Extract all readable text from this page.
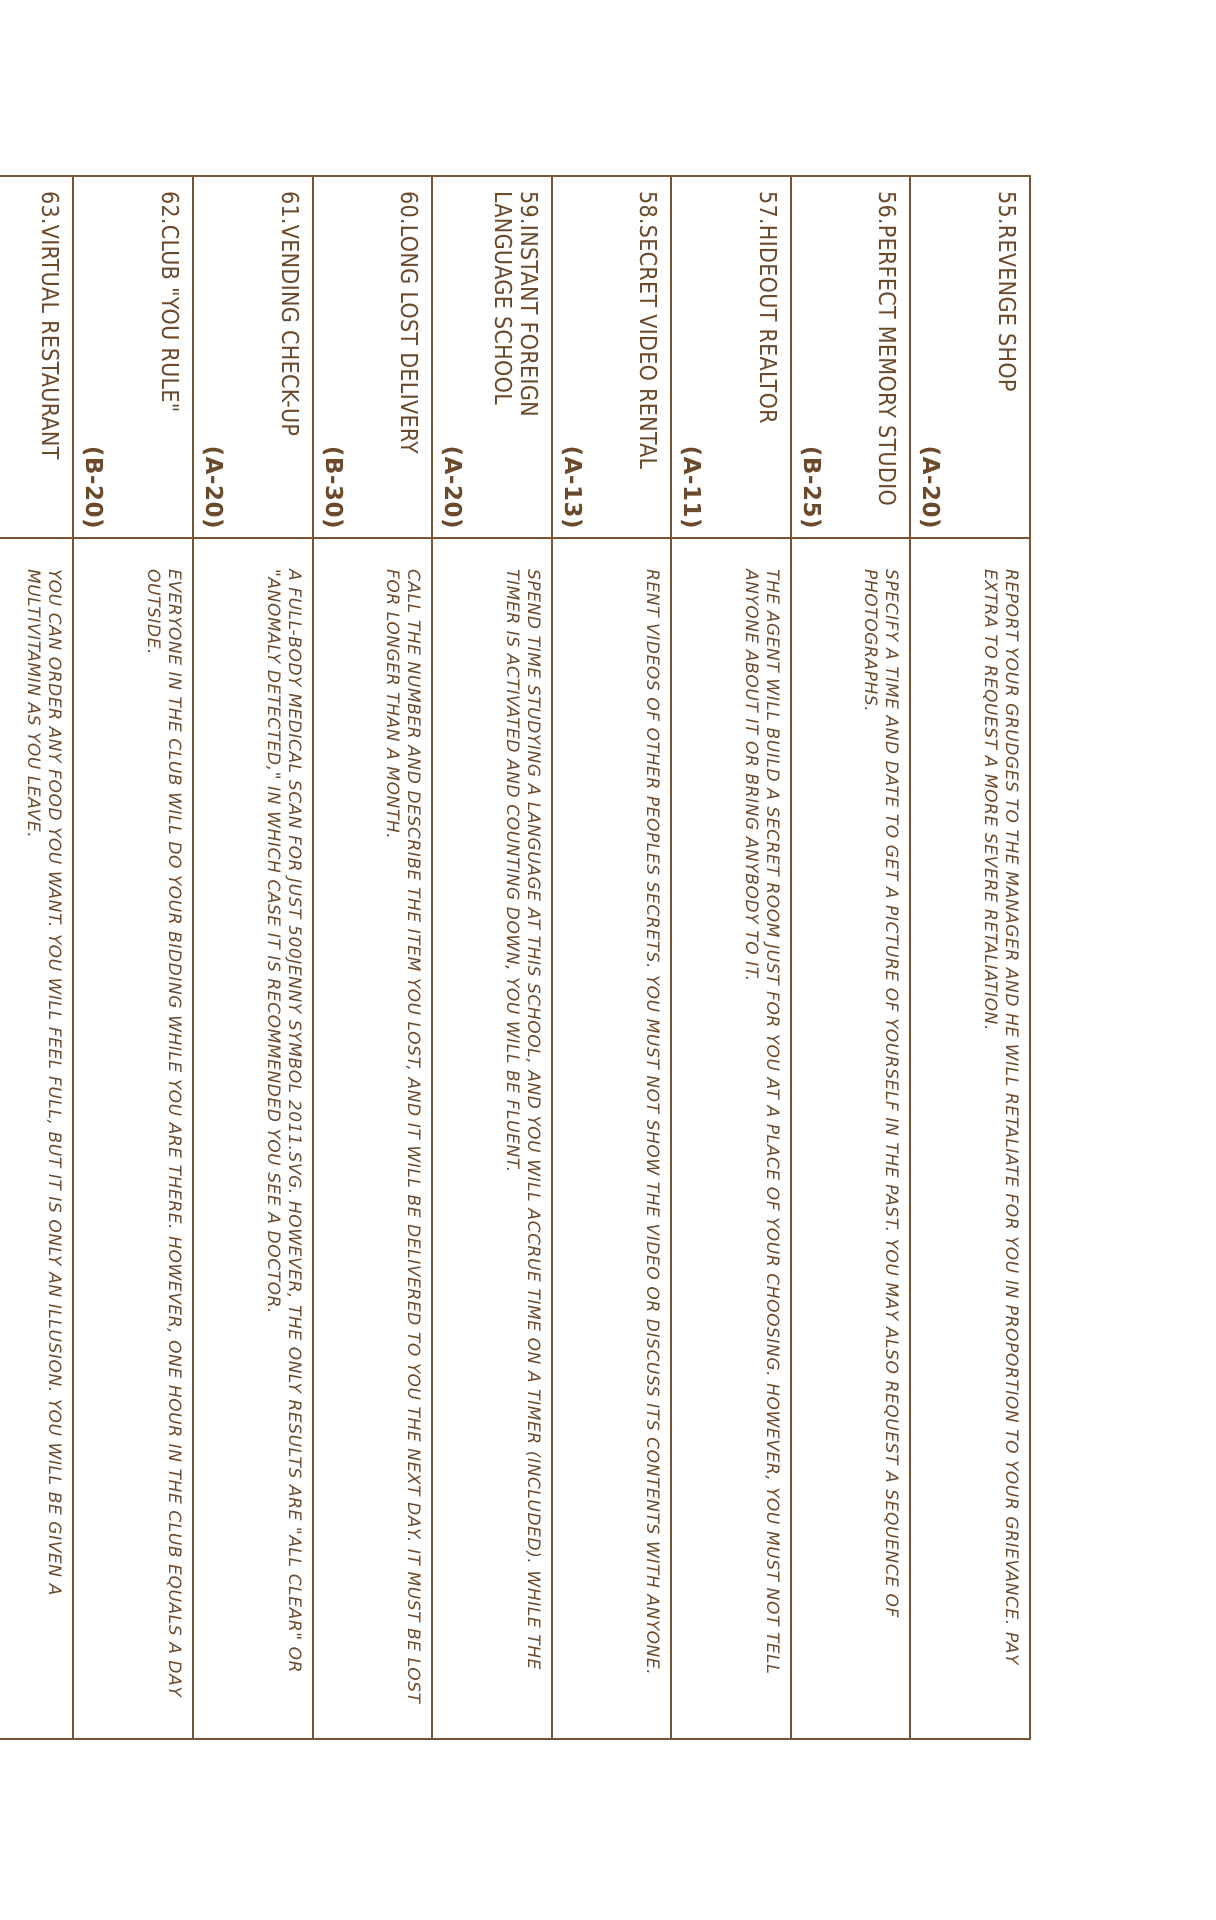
55.REVENGE SHOP
(A-20)
REPORT YOUR GRUDGES TO THE MANAGER AND HE WILL RETALIATE FOR YOU IN PROPORTION TO YOUR GRIEVANCE. PAY EXTRA TO REQUEST A MORE SEVERE RETALIATION.
56.PERFECT MEMORY STUDIO
(B-25)
SPECIFY A TIME AND DATE TO GET A PICTURE OF YOURSELF IN THE PAST. YOU MAY ALSO REQUEST A SEQUENCE OF PHOTOGRAPHS.
57.HIDEOUT REALTOR
(A-11)
THE AGENT WILL BUILD A SECRET ROOM JUST FOR YOU AT A PLACE OF YOUR CHOOSING. HOWEVER, YOU MUST NOT TELL ANYONE ABOUT IT OR BRING ANYBODY TO IT.
58.SECRET VIDEO RENTAL
(A-13)
RENT VIDEOS OF OTHER PEOPLES SECRETS. YOU MUST NOT SHOW THE VIDEO OR DISCUSS ITS CONTENTS WITH ANYONE.
59.INSTANT FOREIGN LANGUAGE SCHOOL
(A-20)
SPEND TIME STUDYING A LANGUAGE AT THIS SCHOOL, AND YOU WILL ACCRUE TIME ON A TIMER (INCLUDED). WHILE THE TIMER IS ACTIVATED AND COUNTING DOWN, YOU WILL BE FLUENT.
60.LONG LOST DELIVERY
(B-30)
CALL THE NUMBER AND DESCRIBE THE ITEM YOU LOST, AND IT WILL BE DELIVERED TO YOU THE NEXT DAY. IT MUST BE LOST FOR LONGER THAN A MONTH.
61.VENDING CHECK-UP
(A-20)
A FULL-BODY MEDICAL SCAN FOR JUST 500JENNY SYMBOL 2011.SVG. HOWEVER, THE ONLY RESULTS ARE "ALL CLEAR" OR "ANOMALY DETECTED," IN WHICH CASE IT IS RECOMMENDED YOU SEE A DOCTOR.
62.CLUB "YOU RULE"
(B-20)
EVERYONE IN THE CLUB WILL DO YOUR BIDDING WHILE YOU ARE THERE. HOWEVER, ONE HOUR IN THE CLUB EQUALS A DAY OUTSIDE.
63.VIRTUAL RESTAURANT
YOU CAN ORDER ANY FOOD YOU WANT. YOU WILL FEEL FULL, BUT IT IS ONLY AN ILLUSION. YOU WILL BE GIVEN A MULTIVITAMIN AS YOU LEAVE.
